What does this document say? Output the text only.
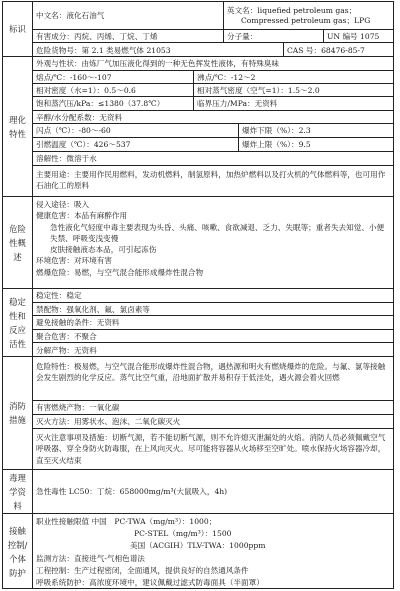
标识
中文名：液化石油气
英文名：liquefied petroleum gas；
Compressed petroleum gas；LPG
有害成分：丙烷、丙烯、丁烷、丁烯	分子量：	UN 编号 1075
危险货物号：第 2.1 类易燃气体 21053	CAS 号：68476-85-7
理化特性
外观与性状：由炼厂气加压液化得到的一种无色挥发性液体，有特殊臭味
熔点/℃：-160～-107	沸点/℃：-12～2
相对密度（水=1）：0.5～0.6	相对蒸气密度（空气=1）：1.5～2.0
饱和蒸汽压/kPa：≤1380（37.8℃）	临界压力/MPa：无资料
辛醇/水分配系数：无资料
闪点（℃）：-80～-60	爆炸下限（%）：2.3
引燃温度（℃）：426～537	爆炸上限（%）：9.5
溶解性：微溶于水
主要用途：主要用作民用燃料，发动机燃料，制氢原料，加热炉燃料以及打火机的气体燃料等，也可用作石油化工的原料
危险性概述

侵入途径：吸入

健康危害：本品有麻醉作用

急性液化气轻度中毒主要表现为头昏、头痛、咳嗽、食欲减退、乏力、失眠等；重者失去知觉、小便失禁、呼吸变浅变慢

皮肤接触液态本品，可引起冻伤

环境危害：对环境有害

燃爆危险：易燃，与空气混合能形成爆炸性混合物

稳定性和反应活性
稳定性：稳定
禁配物：强氧化剂、氟、氯卤素等
避免接触的条件：无资料
聚合危害：不聚合
分解产物：无资料
消防措施
危险特性：极易燃，与空气混合能形成爆炸性混合物，遇热源和明火有燃烧爆炸的危险。与氟、氯等接触会发生剧烈的化学反应。蒸气比空气重，沿地面扩散并易积存于低洼处，遇火源会着火回燃
有害燃烧产物：一氧化碳
灭火方法：用雾状水、泡沫、二氧化碳灭火
灭火注意事项及措施：切断气源，若不能切断气源，则不允许熄灭泄漏处的火焰。消防人员必须佩戴空气呼吸器、穿全身防火防毒服，在上风向灭火。尽可能将容器从火场移至空旷处。喷水保持火场容器冷却，直至灭火结束
毒理学资料
急性毒性 LC50：丁烷：658000mg/m³(大鼠吸入，4h)
接触控制/个体防护

职业性接触限值 中国  PC-TWA（mg/m³）：1000；

PC-STEL（mg/m³）：1500

美国（ACGIH）TLV-TWA：1000ppm

监测方法：直接进气-气相色谱法

工程控制：生产过程密闭，全面通风，提供良好的自然通风条件

呼吸系统防护：高浓度环境中，建议佩戴过滤式防毒面具（半面罩）
